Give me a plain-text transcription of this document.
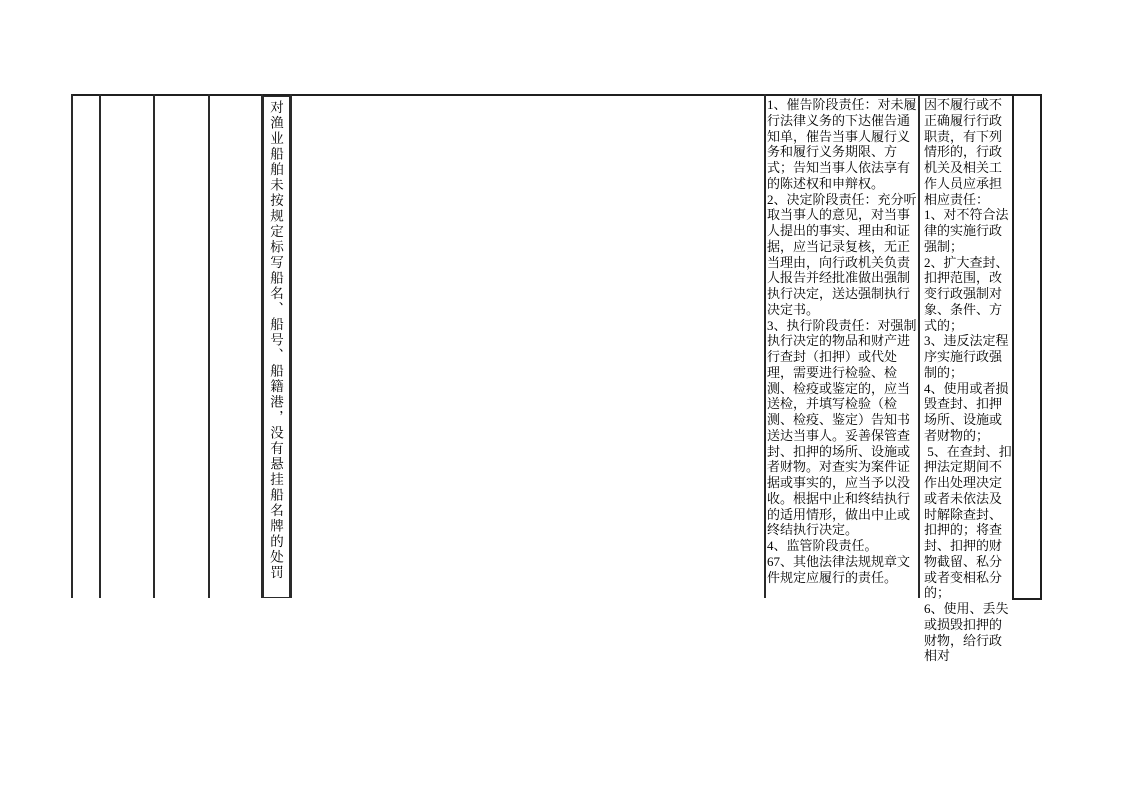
对渔业船舶未按规定标写船名、船号、船籍港，没有悬挂船名牌的处罚	1、催告阶段责任：对未履行法律义务的下达催告通知单，催告当事人履行义务和履行义务期限、方式；告知当事人依法享有的陈述权和申辩权。

2、决定阶段责任：充分听取当事人的意见，对当事人提出的事实、理由和证据，应当记录复核，无正当理由，向行政机关负责人报告并经批准做出强制执行决定，送达强制执行决定书。

3、执行阶段责任：对强制执行决定的物品和财产进行查封（扣押）或代处理，需要进行检验、检测、检疫或鉴定的，应当送检，并填写检验（检测、检疫、鉴定）告知书送达当事人。妥善保管查封、扣押的场所、设施或者财物。对查实为案件证据或事实的，应当予以没收。根据中止和终结执行的适用情形，做出中止或终结执行决定。

4、监管阶段责任。

67、其他法律法规规章文件规定应履行的责任。

因不履行或不正确履行行政职责，有下列情形的，行政机关及相关工作人员应承担相应责任：

1、对不符合法律的实施行政强制；

2、扩大查封、扣押范围，改变行政强制对象、条件、方式的；

3、违反法定程序实施行政强制的；

4、使用或者损毁查封、扣押场所、设施或者财物的；

5、在查封、扣押法定期间不作出处理决定或者未依法及时解除查封、扣押的；将查封、扣押的财物截留、私分或者变相私分的；

6、使用、丢失或损毁扣押的财物，给行政相对
